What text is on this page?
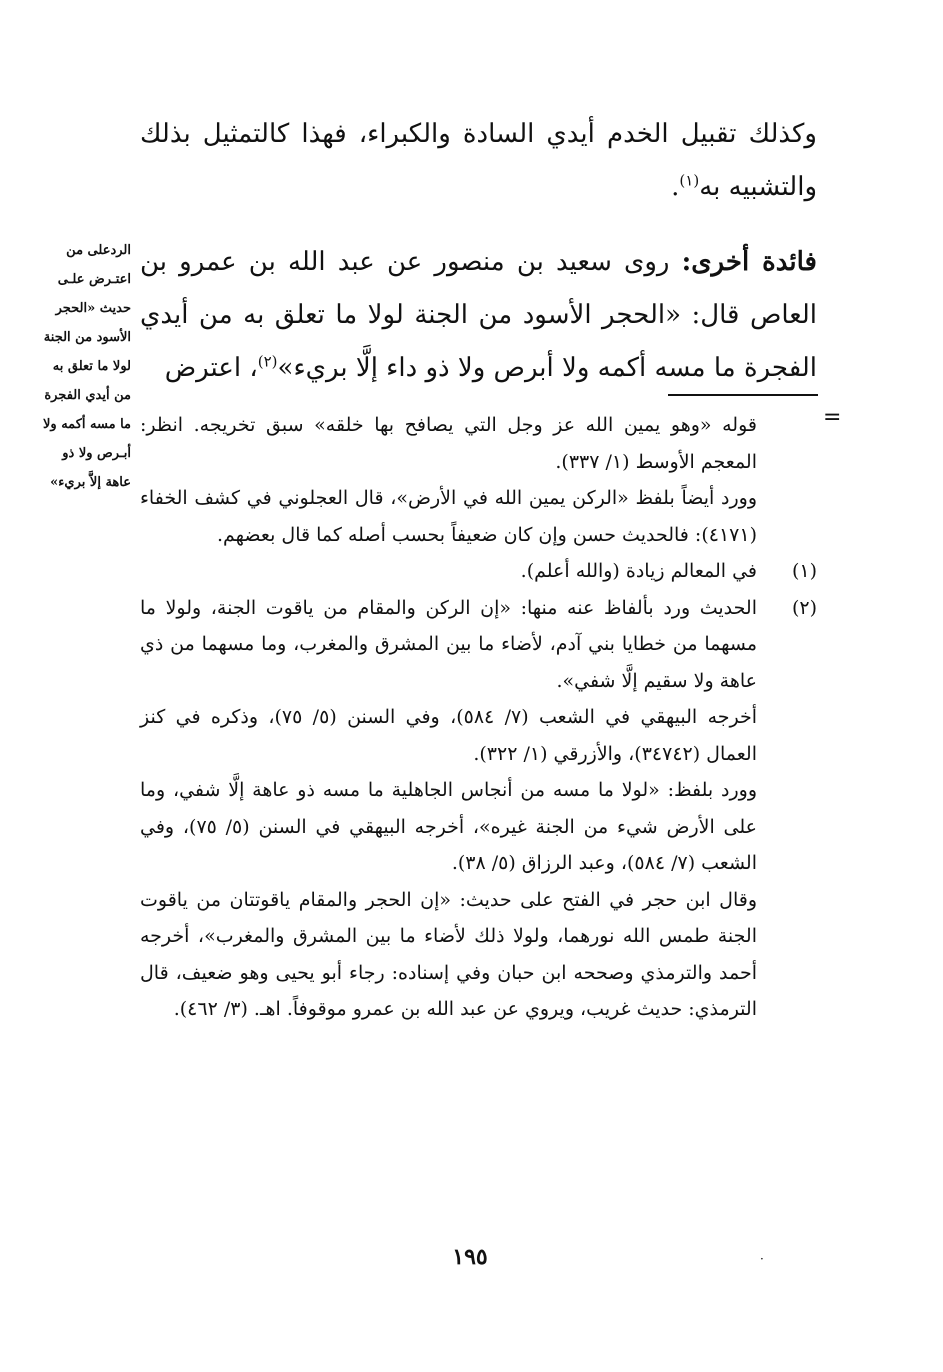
وكذلك تقبيل الخدم أيدي السادة والكبراء، فهذا كالتمثيل بذلك والتشبيه به$^{(١)}$.

فائدة أخرى: روى سعيد بن منصور عن عبد الله بن عمرو بن العاص قال: «الحجر الأسود من الجنة لولا ما تعلق به من أيدي الفجرة ما مسه أكمه ولا أبرص ولا ذو داء إلَّا بريء»$^{(٢)}$، اعترض

الردعلى من
اعتـرض علـى
حديث «الحجر
الأسود من الجنة
لولا ما تعلق به
من أيدي الفجرة
ما مسه أكمه ولا
أبـرص ولا ذو
عاهة إلاَّ بريء»
=

قوله «وهو يمين الله عز وجل التي يصافح بها خلقه» سبق تخريجه. انظر: المعجم الأوسط (١/ ٣٣٧).

وورد أيضاً بلفظ «الركن يمين الله في الأرض»، قال العجلوني في كشف الخفاء (٤١٧١): فالحديث حسن وإن كان ضعيفاً بحسب أصله كما قال بعضهم.

(١)

في المعالم زيادة (والله أعلم).

(٢)

الحديث ورد بألفاظ عنه منها: «إن الركن والمقام من ياقوت الجنة، ولولا ما مسهما من خطايا بني آدم، لأضاء ما بين المشرق والمغرب، وما مسهما من ذي عاهة ولا سقيم إلَّا شفي».

أخرجه البيهقي في الشعب (٧/ ٥٨٤)، وفي السنن (٥/ ٧٥)، وذكره في كنز العمال (٣٤٧٤٢)، والأزرقي (١/ ٣٢٢).

وورد بلفظ: «لولا ما مسه من أنجاس الجاهلية ما مسه ذو عاهة إلَّا شفي، وما على الأرض شيء من الجنة غيره»، أخرجه البيهقي في السنن (٥/ ٧٥)، وفي الشعب (٧/ ٥٨٤)، وعبد الرزاق (٥/ ٣٨).

وقال ابن حجر في الفتح على حديث: «إن الحجر والمقام ياقوتتان من ياقوت الجنة طمس الله نورهما، ولولا ذلك لأضاء ما بين المشرق والمغرب»، أخرجه أحمد والترمذي وصححه ابن حبان وفي إسناده: رجاء أبو يحيى وهو ضعيف، قال الترمذي: حديث غريب، ويروي عن عبد الله بن عمرو موقوفاً. اهـ. (٣/ ٤٦٢).

١٩٥	·
